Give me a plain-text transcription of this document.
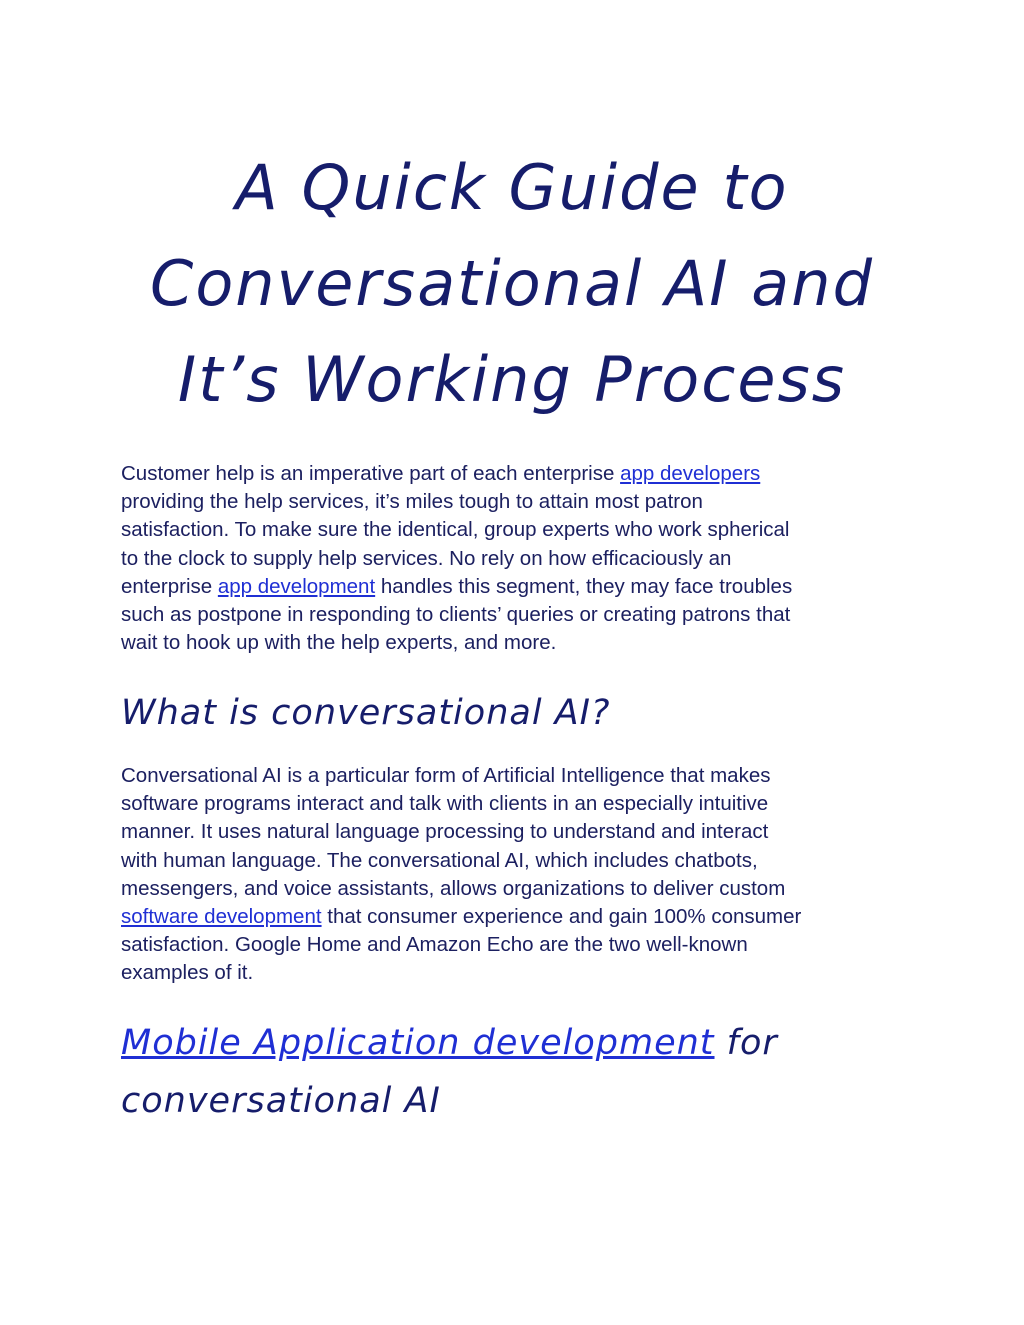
A Quick Guide to
Conversational AI and
It’s Working Process

Customer help is an imperative part of each enterprise app developers
providing the help services, it’s miles tough to attain most patron
satisfaction. To make sure the identical, group experts who work spherical
to the clock to supply help services. No rely on how efficaciously an
enterprise app development handles this segment, they may face troubles
such as postpone in responding to clients’ queries or creating patrons that
wait to hook up with the help experts, and more.

What is conversational AI?

Conversational AI is a particular form of Artificial Intelligence that makes
software programs interact and talk with clients in an especially intuitive
manner. It uses natural language processing to understand and interact
with human language. The conversational AI, which includes chatbots,
messengers, and voice assistants, allows organizations to deliver custom
software development that consumer experience and gain 100% consumer
satisfaction. Google Home and Amazon Echo are the two well-known
examples of it.

Mobile Application development for
conversational AI
